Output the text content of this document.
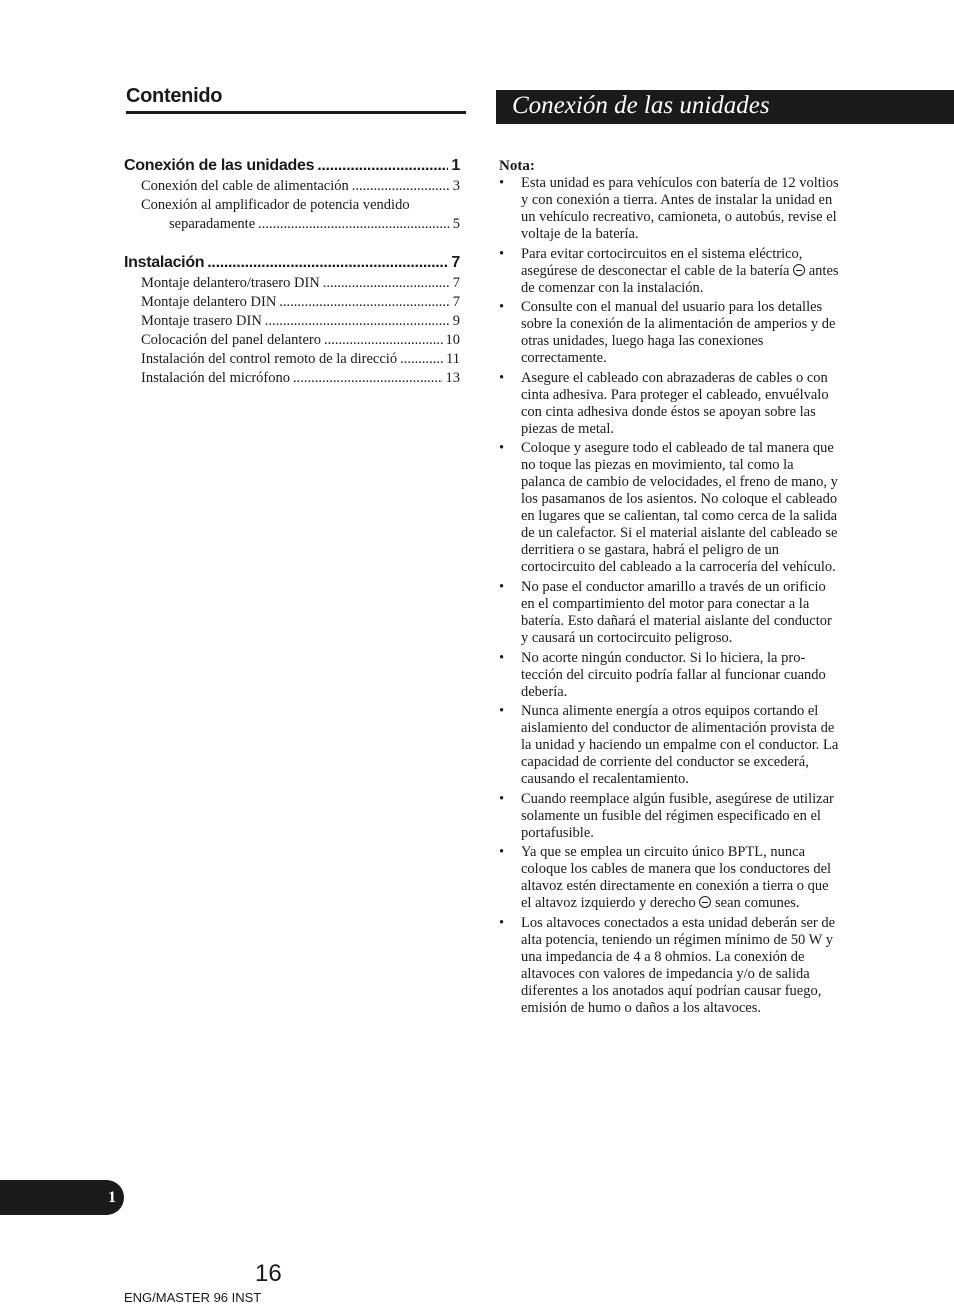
Contenido	Conexión de las unidades
Conexión de las unidades .....	1
Conexión del cable de alimentación .....	3
Conexión al amplificador de potencia vendido
separadamente .....	5
Instalación .....	7
Montaje delantero/trasero DIN .....	7
Montaje delantero DIN .....	7
Montaje trasero DIN .....	9
Colocación del panel delantero .....	10
Instalación del control remoto de la direcció .....	11
Instalación del micrófono .....	13
Nota:
• Esta unidad es para vehículos con batería de 12 voltios y con conexión a tierra. Antes de instalar la unidad en un vehículo recreativo, camioneta, o autobús, revise el voltaje de la batería.
• Para evitar cortocircuitos en el sistema eléctrico, asegúrese de desconectar el cable de la batería antes de comenzar con la instalación.
• Consulte con el manual del usuario para los detalles sobre la conexión de la alimentación de amperios y de otras unidades, luego haga las conexiones correctamente.
• Asegure el cableado con abrazaderas de cables o con cinta adhesiva. Para proteger el cableado, envuélvalo con cinta adhesiva donde éstos se apoyan sobre las piezas de metal.
• Coloque y asegure todo el cableado de tal manera que no toque las piezas en movimiento, tal como la palanca de cambio de velocidades, el freno de mano, y los pasamanos de los asientos. No coloque el cableado en lugares que se calientan, tal como cerca de la salida de un calefactor. Si el material aislante del cableado se derritiera o se gastara, habrá el peligro de un cortocircuito del cableado a la carrocería del vehículo.
• No pase el conductor amarillo a través de un orificio en el compartimiento del motor para conectar a la batería. Esto dañará el material aislante del conductor y causará un cortocircuito peligroso.
• No acorte ningún conductor. Si lo hiciera, la protección del circuito podría fallar al funcionar cuando debería.
• Nunca alimente energía a otros equipos cortando el aislamiento del conductor de alimentación provista de la unidad y haciendo un empalme con el conductor. La capacidad de corriente del conductor se excederá, causando el recalentamiento.
• Cuando reemplace algún fusible, asegúrese de utilizar solamente un fusible del régimen especificado en el portafusible.
• Ya que se emplea un circuito único BPTL, nunca coloque los cables de manera que los conductores del altavoz estén directamente en conexión a tierra o que el altavoz izquierdo y derecho sean comunes.
• Los altavoces conectados a esta unidad deberán ser de alta potencia, teniendo un régimen mínimo de 50 W y una impedancia de 4 a 8 ohmios. La conexión de altavoces con valores de impedancia y/o de salida diferentes a los anotados aquí podrían causar fuego, emisión de humo o daños a los altavoces.
1
16
ENG/MASTER 96 INST
